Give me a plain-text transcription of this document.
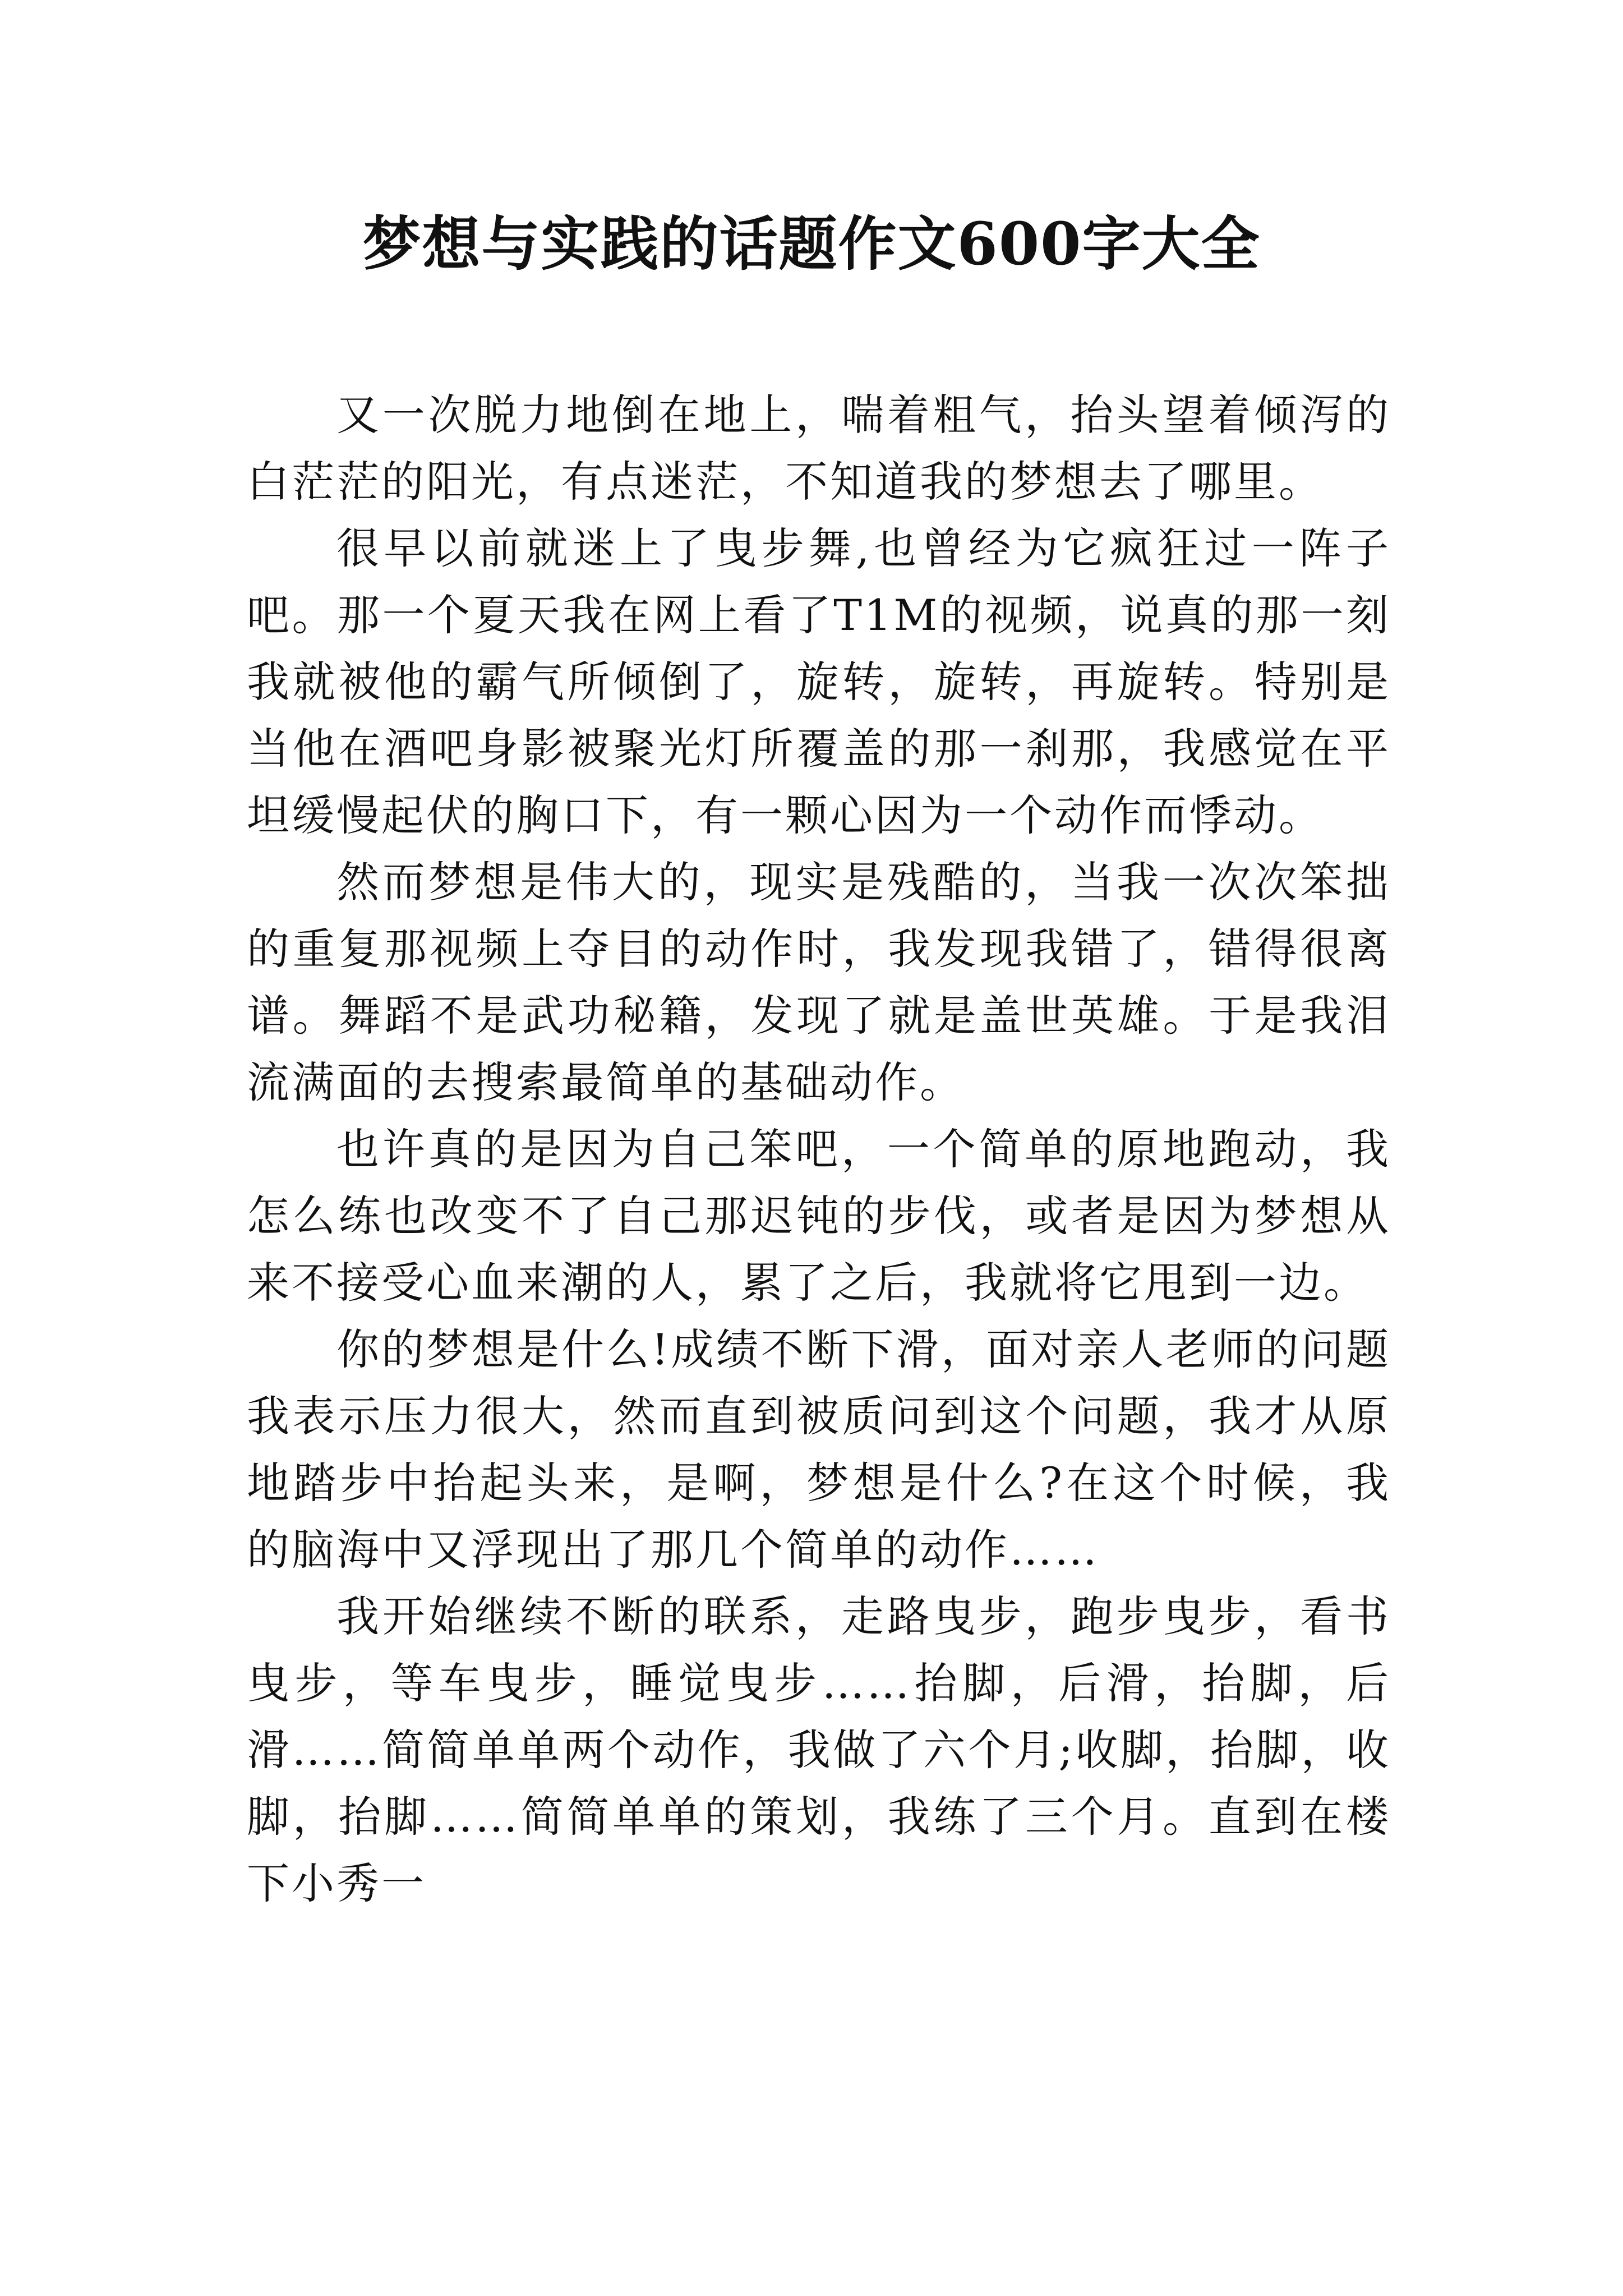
梦想与实践的话题作文600字大全

又一次脱力地倒在地上，喘着粗气，抬头望着倾泻的白茫茫的阳光，有点迷茫，不知道我的梦想去了哪里。

很早以前就迷上了曳步舞,也曾经为它疯狂过一阵子吧。那一个夏天我在网上看了T1M的视频，说真的那一刻我就被他的霸气所倾倒了，旋转，旋转，再旋转。特别是当他在酒吧身影被聚光灯所覆盖的那一刹那，我感觉在平坦缓慢起伏的胸口下，有一颗心因为一个动作而悸动。

然而梦想是伟大的，现实是残酷的，当我一次次笨拙的重复那视频上夺目的动作时，我发现我错了，错得很离谱。舞蹈不是武功秘籍，发现了就是盖世英雄。于是我泪流满面的去搜索最简单的基础动作。

也许真的是因为自己笨吧，一个简单的原地跑动，我怎么练也改变不了自己那迟钝的步伐，或者是因为梦想从来不接受心血来潮的人，累了之后，我就将它甩到一边。

你的梦想是什么!成绩不断下滑，面对亲人老师的问题我表示压力很大，然而直到被质问到这个问题，我才从原地踏步中抬起头来，是啊，梦想是什么?在这个时候，我的脑海中又浮现出了那几个简单的动作……

我开始继续不断的联系，走路曳步，跑步曳步，看书曳步，等车曳步，睡觉曳步……抬脚，后滑，抬脚，后滑……简简单单两个动作，我做了六个月;收脚，抬脚，收脚，抬脚……简简单单的策划，我练了三个月。直到在楼下小秀一
